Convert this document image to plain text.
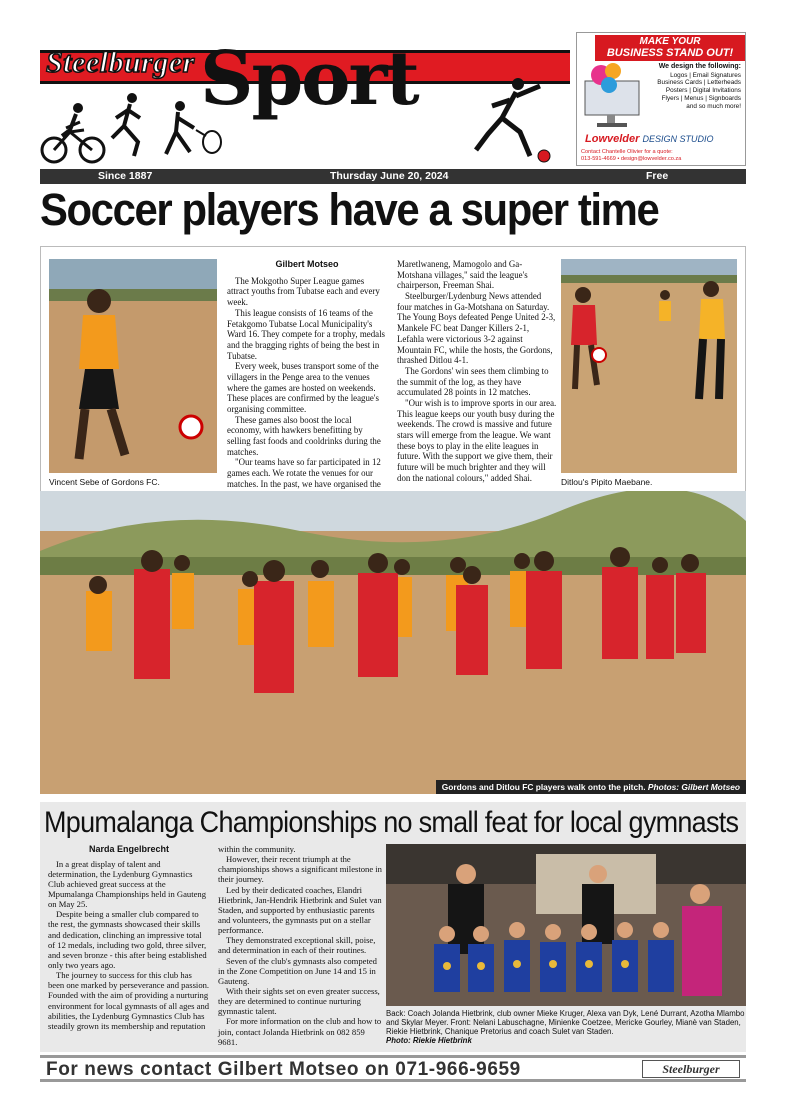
Steelburger Sport	MAKE YOUR
BUSINESS STAND OUT!
We design the following:
Logos | Email Signatures
Business Cards | Letterheads
Posters | Digital Invitations
Flyers | Menus | Signboards
and so much more!
Lowvelder DESIGN STUDIO
Contact Chantelle Olivier for a quote:
013-591-4669 • design@lowvelder.co.za
Since 1887	Thursday June 20, 2024	Free
Soccer players have a super time
Vincent Sebe of Gordons FC.
Gilbert Motseo

The Mokgotho Super League games attract youths from Tubatse each and every week.

This league consists of 16 teams of the Fetakgomo Tubatse Local Municipality's Ward 16. They compete for a trophy, medals and the bragging rights of being the best in Tubatse.

Every week, buses transport some of the villagers in the Penge area to the venues where the games are hosted on weekends. These places are confirmed by the league's organising committee.

These games also boost the local economy, with hawkers benefitting by selling fast foods and cooldrinks during the matches.

"Our teams have so far participated in 12 games each. We rotate the venues for our matches. In the past, we have organised the

Maretlwaneng, Mamogolo and Ga-Motshana villages," said the league's chairperson, Freeman Shai.

Steelburger/Lydenburg News attended four matches in Ga-Motshana on Saturday. The Young Boys defeated Penge United 2-3, Mankele FC beat Danger Killers 2-1, Lefahla were victorious 3-2 against Mountain FC, while the hosts, the Gordons, thrashed Ditlou 4-1.

The Gordons' win sees them climbing to the summit of the log, as they have accumulated 28 points in 12 matches.

"Our wish is to improve sports in our area. This league keeps our youth busy during the weekends. The crowd is massive and future stars will emerge from the league. We want these boys to play in the elite leagues in future. With the support we give them, their future will be much brighter and they will don the national colours," added Shai.	Ditlou's Pipito Maebane.
Gordons and Ditlou FC players walk onto the pitch. Photos: Gilbert Motseo
Mpumalanga Championships no small feat for local gymnasts
Narda Engelbrecht

In a great display of talent and determination, the Lydenburg Gymnastics Club achieved great success at the Mpumalanga Championships held in Gauteng on May 25.

Despite being a smaller club compared to the rest, the gymnasts showcased their skills and dedication, clinching an impressive total of 12 medals, including two gold, three silver, and seven bronze - this after being established only two years ago.

The journey to success for this club has been one marked by perseverance and passion. Founded with the aim of providing a nurturing environment for local gymnasts of all ages and abilities, the Lydenburg Gymnastics Club has steadily grown its membership and reputation

within the community.

However, their recent triumph at the championships shows a significant milestone in their journey.

Led by their dedicated coaches, Elandri Hietbrink, Jan-Hendrik Hietbrink and Sulet van Staden, and supported by enthusiastic parents and volunteers, the gymnasts put on a stellar performance.

They demonstrated exceptional skill, poise, and determination in each of their routines.

Seven of the club's gymnasts also competed in the Zone Competition on June 14 and 15 in Gauteng.

With their sights set on even greater success, they are determined to continue nurturing gymnastic talent.

For more information on the club and how to join, contact Jolanda Hietbrink on 082 859 9681.

Back: Coach Jolanda Hietbrink, club owner Mieke Kruger, Alexa van Dyk, Lené Durrant, Azotha Mlambo and Skylar Meyer. Front: Nelani Labuschagne, Minienke Coetzee, Mericke Gourley, Mianè van Staden, Riekie Hietbrink, Chanique Pretorius and coach Sulet van Staden.
Photo: Riekie Hietbrink
For news contact Gilbert Motseo on 071-966-9659	Steelburger
